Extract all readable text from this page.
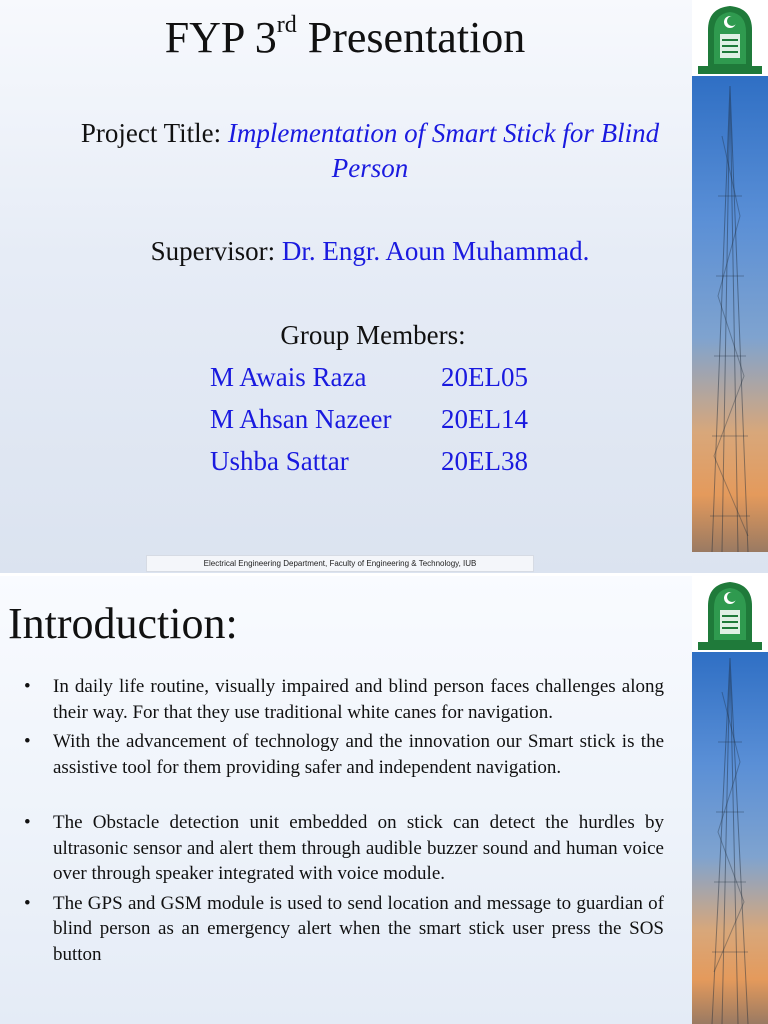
FYP 3rd Presentation
Project Title: Implementation of Smart Stick for Blind
Person
Supervisor: Dr. Engr. Aoun Muhammad.
Group Members:
M Awais Raza	20EL05
M Ahsan Nazeer 20EL14
Ushba Sattar	20EL38
Electrical Engineering Department, Faculty of Engineering & Technology, IUB
Introduction:
• In daily life routine, visually impaired and blind person faces challenges along their way. For that they use traditional white canes for navigation.
• With the advancement of technology and the innovation our Smart stick is the assistive tool for them providing safer and independent navigation.
• The Obstacle detection unit embedded on stick can detect the hurdles by ultrasonic sensor and alert them through audible buzzer sound and human voice over through speaker integrated with voice module.
• The GPS and GSM module is used to send location and message to guardian of blind person as an emergency alert when the smart stick user press the SOS button
